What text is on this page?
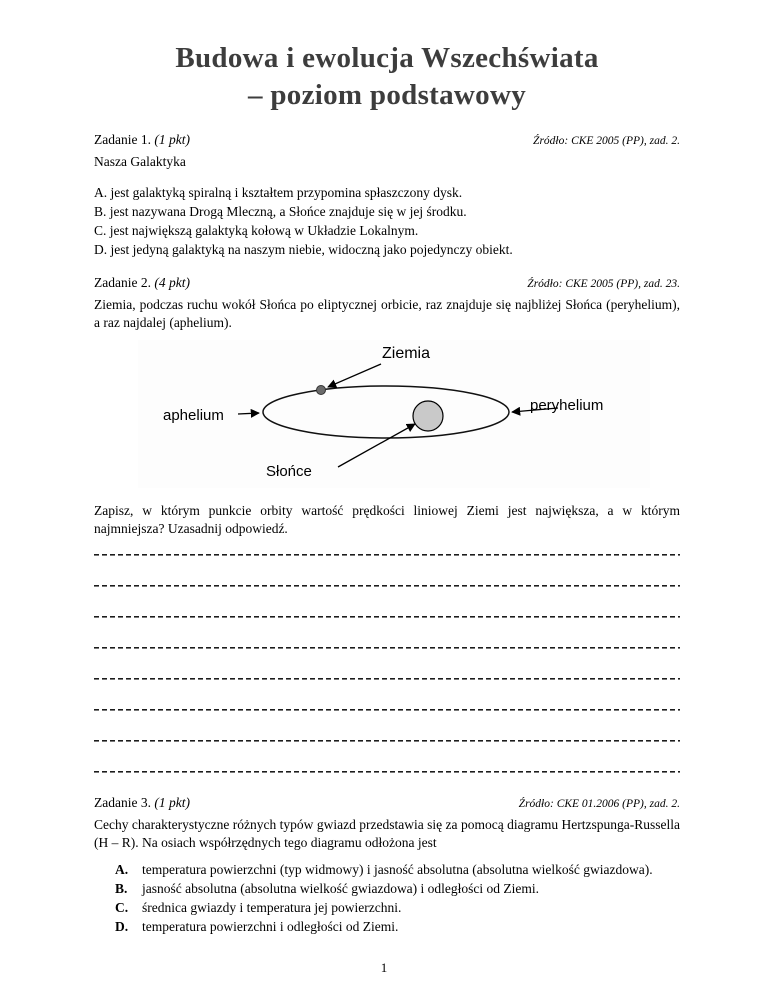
Budowa i ewolucja Wszechświata
– poziom podstawowy
Zadanie 1. (1 pkt)	Źródło: CKE 2005 (PP), zad. 2.
Nasza Galaktyka
A. jest galaktyką spiralną i kształtem przypomina spłaszczony dysk.
B. jest nazywana Drogą Mleczną, a Słońce znajduje się w jej środku.
C. jest największą galaktyką kołową w Układzie Lokalnym.
D. jest jedyną galaktyką na naszym niebie, widoczną jako pojedynczy obiekt.
Zadanie 2. (4 pkt)	Źródło: CKE 2005 (PP), zad. 23.
Ziemia, podczas ruchu wokół Słońca po eliptycznej orbicie, raz znajduje się najbliżej Słońca (peryhelium), a raz najdalej (aphelium).
Ziemia
aphelium
peryhelium
Słońce
Zapisz, w którym punkcie orbity wartość prędkości liniowej Ziemi jest największa, a w którym najmniejsza? Uzasadnij odpowiedź.
Zadanie 3. (1 pkt)	Źródło: CKE 01.2006 (PP), zad. 2.
Cechy charakterystyczne różnych typów gwiazd przedstawia się za pomocą diagramu Hertzspunga-Russella (H – R). Na osiach współrzędnych tego diagramu odłożona jest
A.	temperatura powierzchni (typ widmowy) i jasność absolutna (absolutna wielkość gwiazdowa).
B.	jasność absolutna (absolutna wielkość gwiazdowa) i odległości od Ziemi.
C.	średnica gwiazdy i temperatura jej powierzchni.
D.	temperatura powierzchni i odległości od Ziemi.
1
